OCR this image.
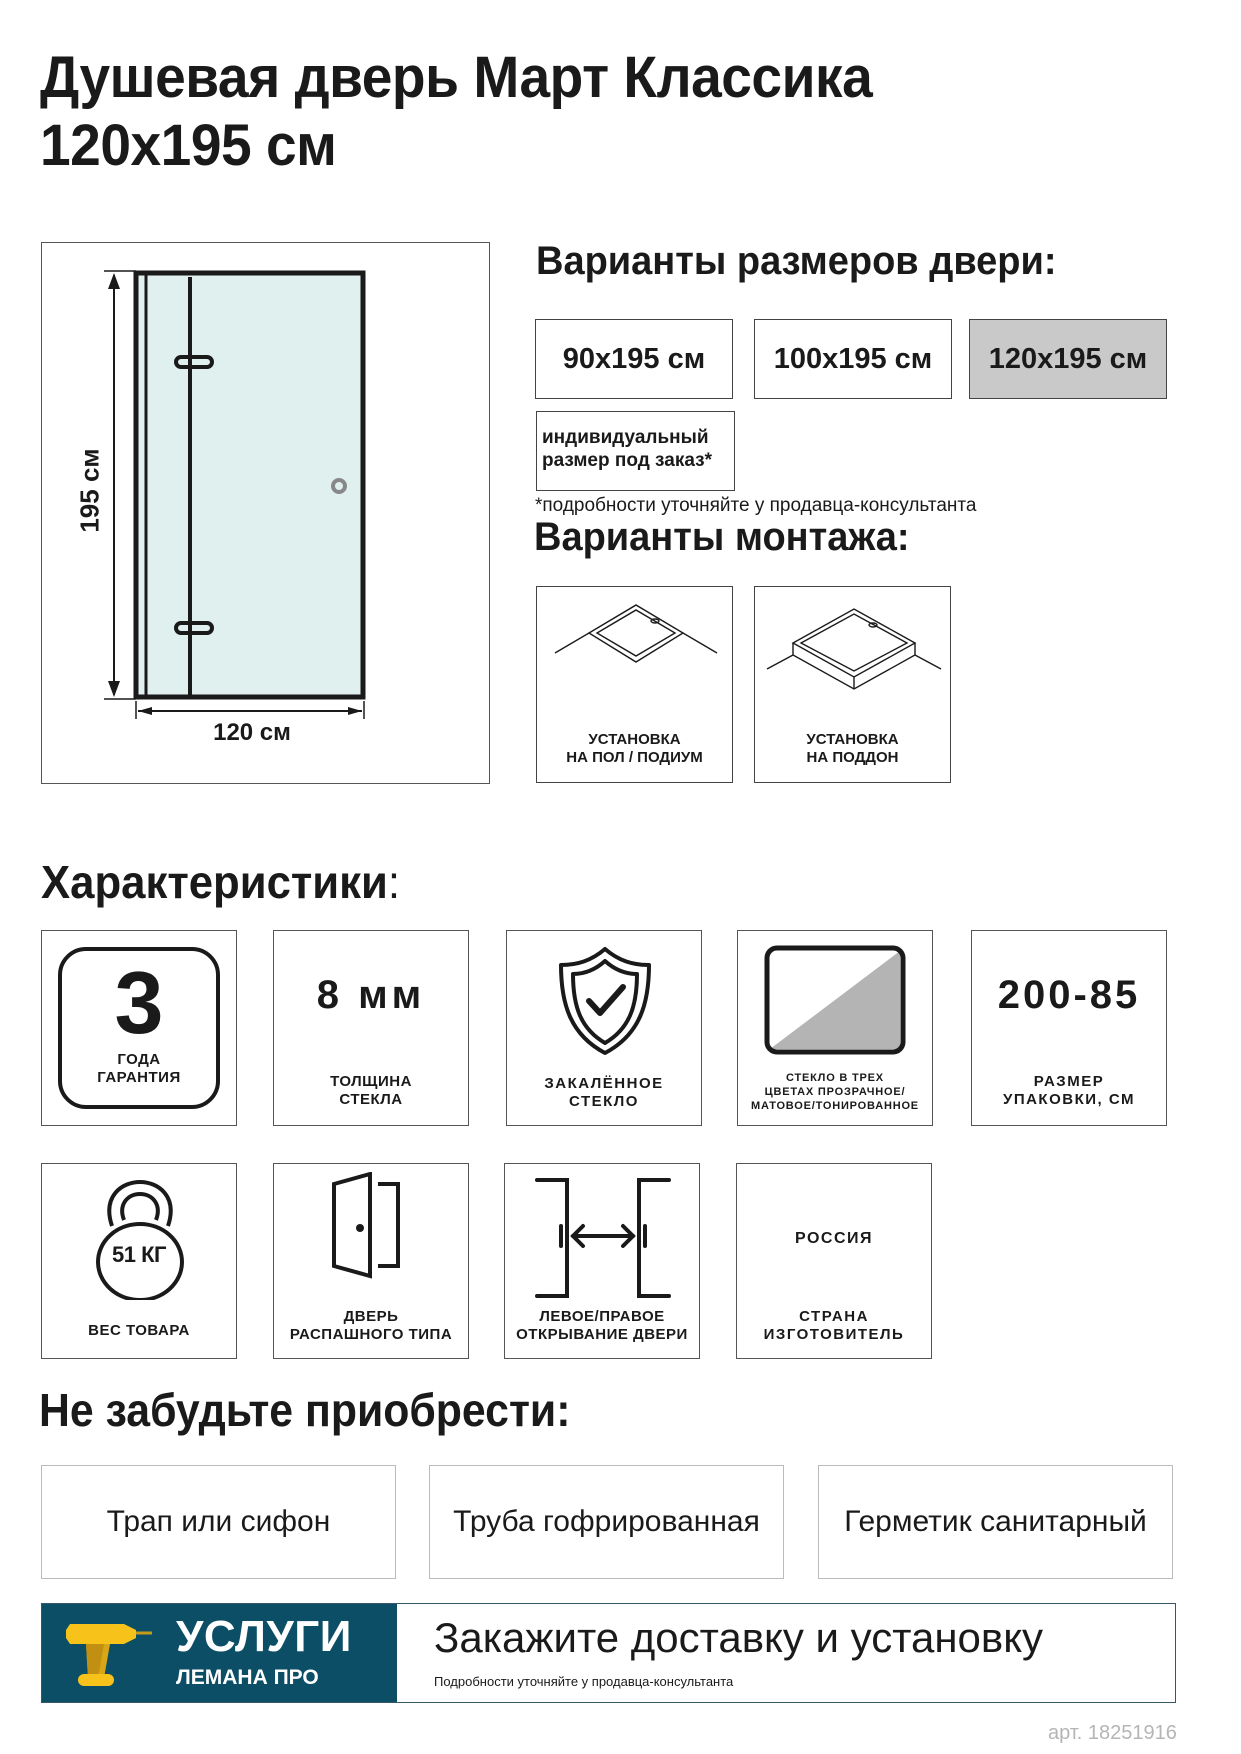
Душевая дверь Март Классика
120x195 см
195 см
120 см
Варианты размеров двери:
90x195 см	100x195 см	120x195 см
индивидуальный
размер под заказ*
*подробности уточняйте у продавца-консультанта
Варианты монтажа:
УСТАНОВКА
НА ПОЛ / ПОДИУМ
УСТАНОВКА
НА ПОДДОН
Характеристики:
3
ГОДА
ГАРАНТИЯ
8 мм
ТОЛЩИНА
СТЕКЛА
ЗАКАЛЁННОЕ
СТЕКЛО
СТЕКЛО В ТРЕХ
ЦВЕТАХ ПРОЗРАЧНОЕ/
МАТОВОЕ/ТОНИРОВАННОЕ
200-85
РАЗМЕР
УПАКОВКИ, СМ
51 КГ
ВЕС ТОВАРА
ДВЕРЬ
РАСПАШНОГО ТИПА
ЛЕВОЕ/ПРАВОЕ
ОТКРЫВАНИЕ ДВЕРИ
РОССИЯ
СТРАНА
ИЗГОТОВИТЕЛЬ
Не забудьте приобрести:
Трап или сифон	Труба гофрированная	Герметик санитарный
УСЛУГИ
ЛЕМАНА ПРО
Закажите доставку и установку
Подробности уточняйте у продавца-консультанта
арт. 18251916
